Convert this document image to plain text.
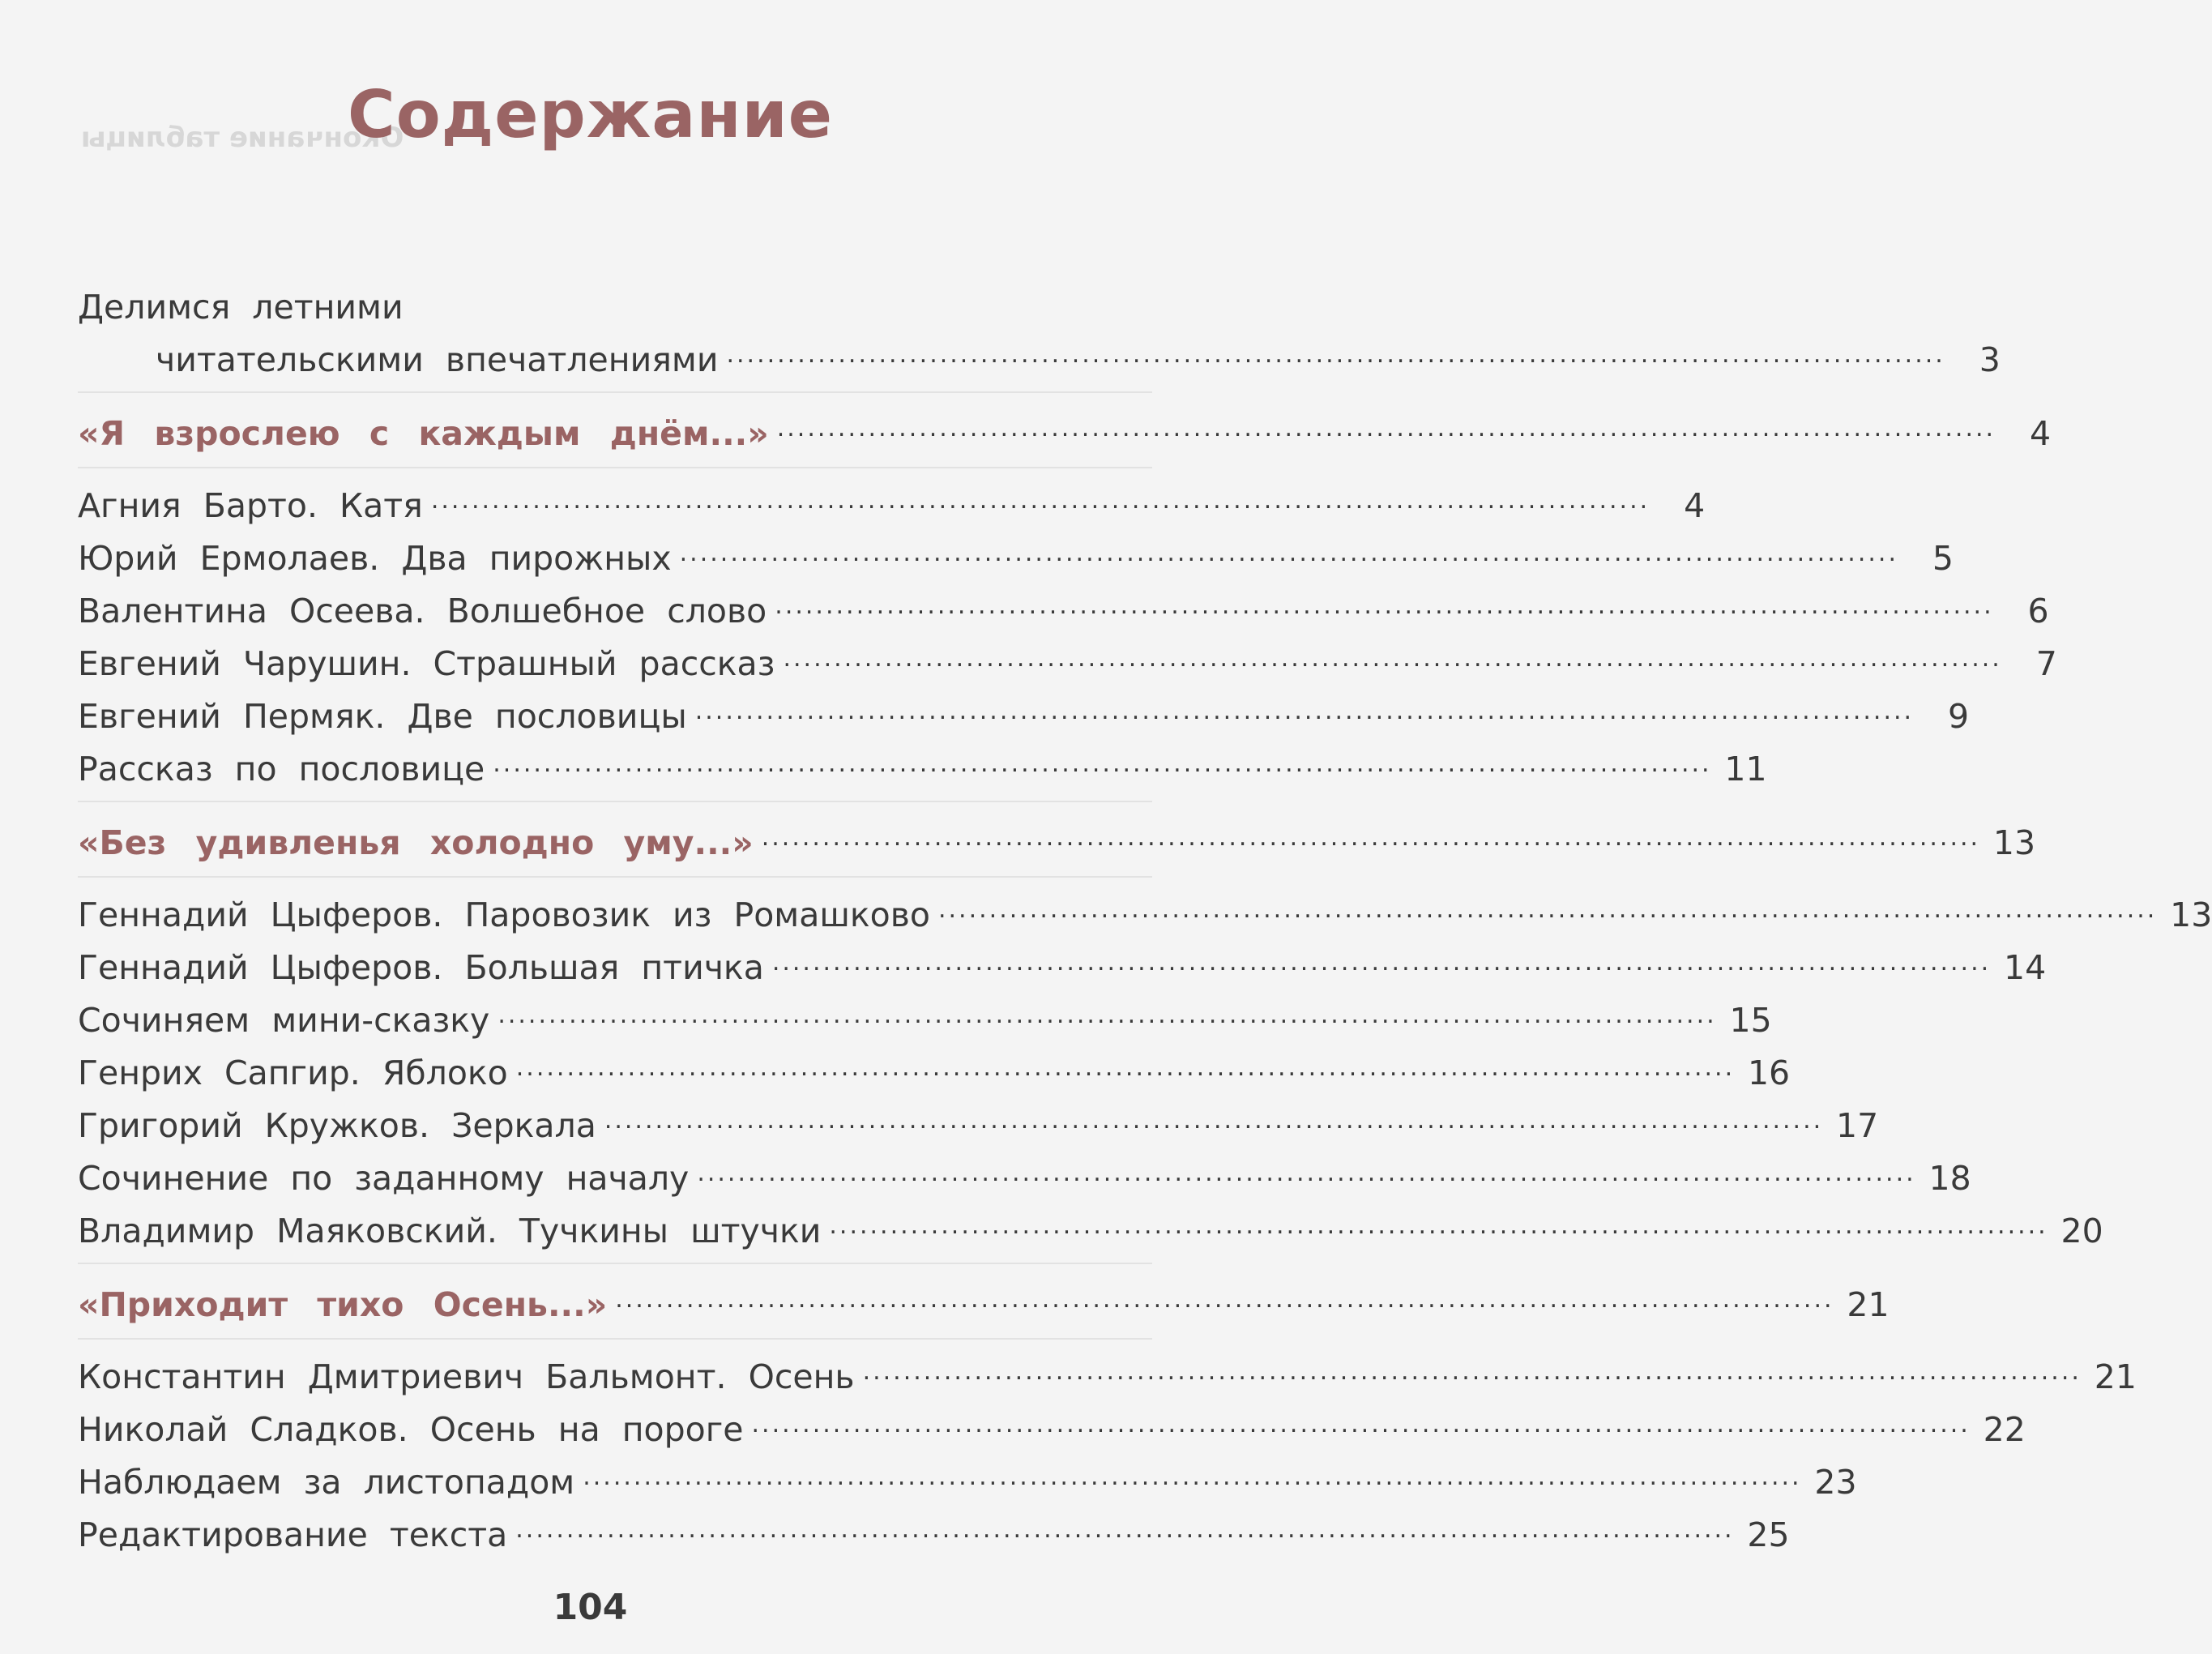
Окончание таблицы
Содержание
Делимся летними
читательскими впечатлениями ........................................................................................................................	3
«Я взрослею с каждым днём...» ........................................................................................................................	4
Агния Барто. Катя ........................................................................................................................	4
Юрий Ермолаев. Два пирожных ........................................................................................................................	5
Валентина Осеева. Волшебное слово ........................................................................................................................	6
Евгений Чарушин. Страшный рассказ ........................................................................................................................	7
Евгений Пермяк. Две пословицы ........................................................................................................................	9
Рассказ по пословице ........................................................................................................................ 11
«Без удивленья холодно уму...» ........................................................................................................................ 13
Геннадий Цыферов. Паровозик из Ромашково ........................................................................................................................ 13
Геннадий Цыферов. Большая птичка ........................................................................................................................ 14
Сочиняем мини-сказку ........................................................................................................................ 15
Генрих Сапгир. Яблоко ........................................................................................................................ 16
Григорий Кружков. Зеркала ........................................................................................................................ 17
Сочинение по заданному началу ........................................................................................................................ 18
Владимир Маяковский. Тучкины штучки ........................................................................................................................ 20
«Приходит тихо Осень...» ........................................................................................................................ 21
Константин Дмитриевич Бальмонт. Осень ........................................................................................................................ 21
Николай Сладков. Осень на пороге ........................................................................................................................ 22
Наблюдаем за листопадом ........................................................................................................................ 23
Редактирование текста ........................................................................................................................ 25
104
